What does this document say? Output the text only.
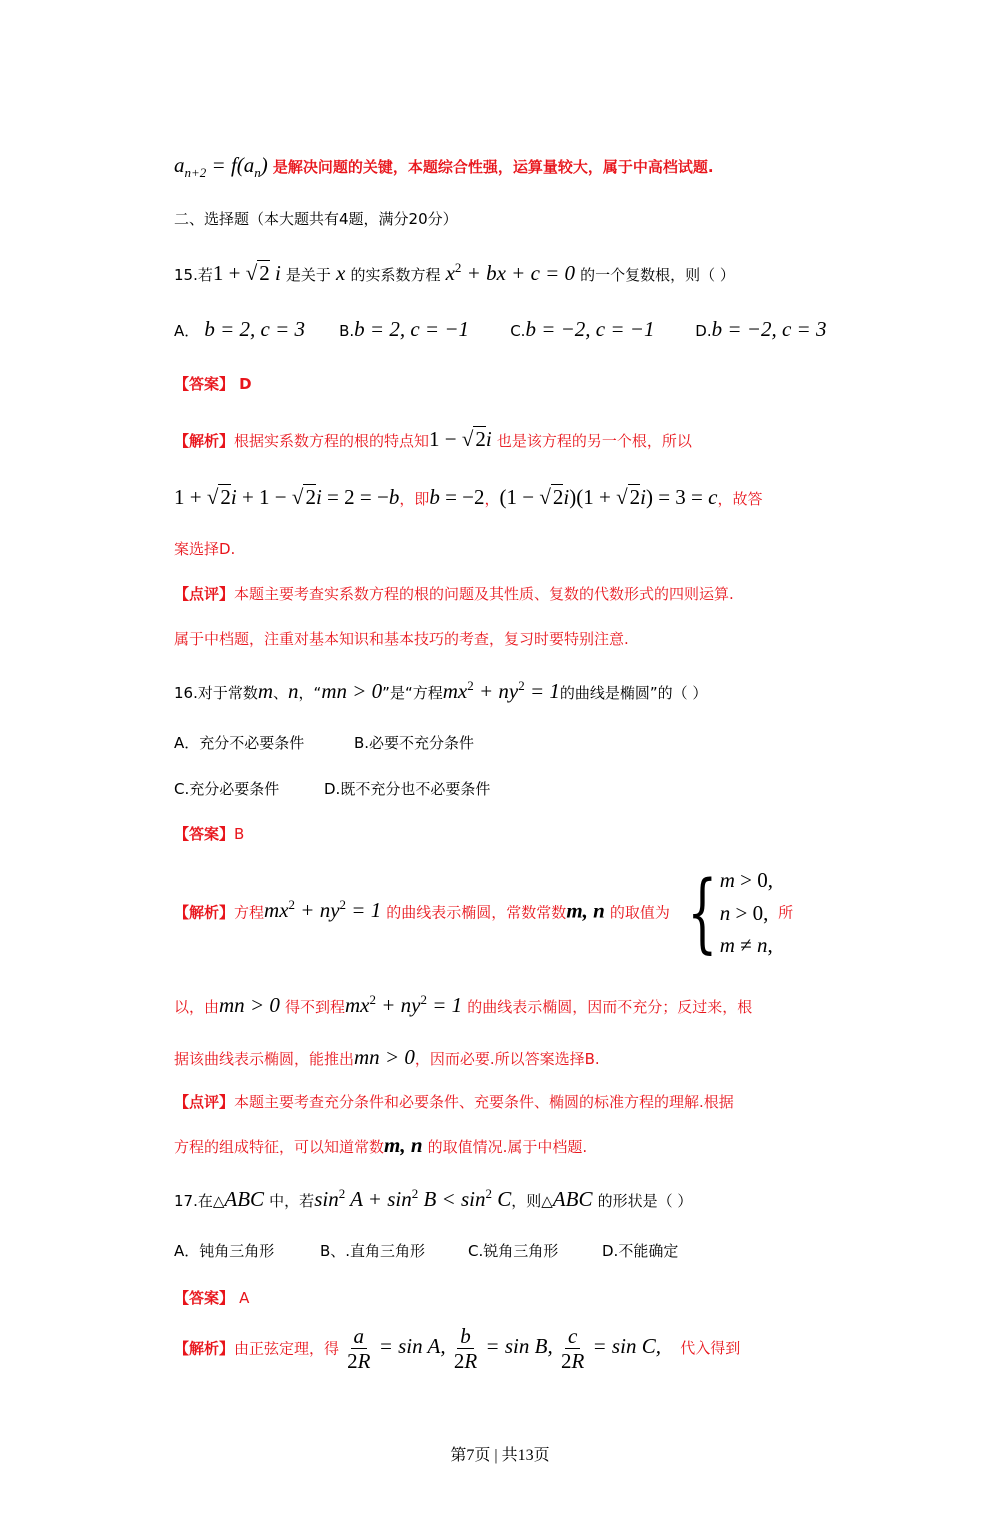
$a_{n+2} = f(a_n)$ 是解决问题的关键，本题综合性强，运算量较大，属于中高档试题.
二、选择题（本大题共有4题，满分20分）
15.若1 + √2 i 是关于 x 的实系数方程 $x^2$ + bx + c = 0 的一个复数根，则（ ）
A． b = 2, c = 3 B.b = 2, c = −1	C.b = −2, c = −1	D.b = −2, c = 3
【答案】 D
【解析】根据实系数方程的根的特点知1 − √2i 也是该方程的另一个根，所以
1 + √2i + 1 − √2i = 2 = −b，即b = −2，(1 − √2i)(1 + √2i) = 3 = c，故答
案选择D.
【点评】本题主要考查实系数方程的根的问题及其性质、复数的代数形式的四则运算.
属于中档题，注重对基本知识和基本技巧的考查，复习时要特别注意.
16.对于常数m、n，“mn > 0”是“方程$mx^2 + ny^2 = 1$的曲线是椭圆”的（ ）
A．充分不必要条件	B.必要不充分条件
C.充分必要条件	D.既不充分也不必要条件
【答案】B
【解析】方程$mx^2 + ny^2 = 1$ 的曲线表示椭圆，常数常数m, n 的取值为 { m > 0,
n > 0,
m ≠ n,
所
以，由mn > 0 得不到程$mx^2 + ny^2 = 1$ 的曲线表示椭圆，因而不充分；反过来，根
据该曲线表示椭圆，能推出mn > 0，因而必要.所以答案选择B.
【点评】本题主要考查充分条件和必要条件、充要条件、椭圆的标准方程的理解.根据
方程的组成特征，可以知道常数m, n 的取值情况.属于中档题.
17.在△ABC 中，若$\sin^2 A + \sin^2 B < \sin^2 C$，则△ABC 的形状是（ ）
A．钝角三角形	B、.直角三角形	C.锐角三角形	D.不能确定
【答案】 A
【解析】由正弦定理，得 $\frac{a}{2R} = \sin A$, $\frac{b}{2R} = \sin B$, $\frac{c}{2R} = \sin C$, 代入得到
第7页 | 共13页
